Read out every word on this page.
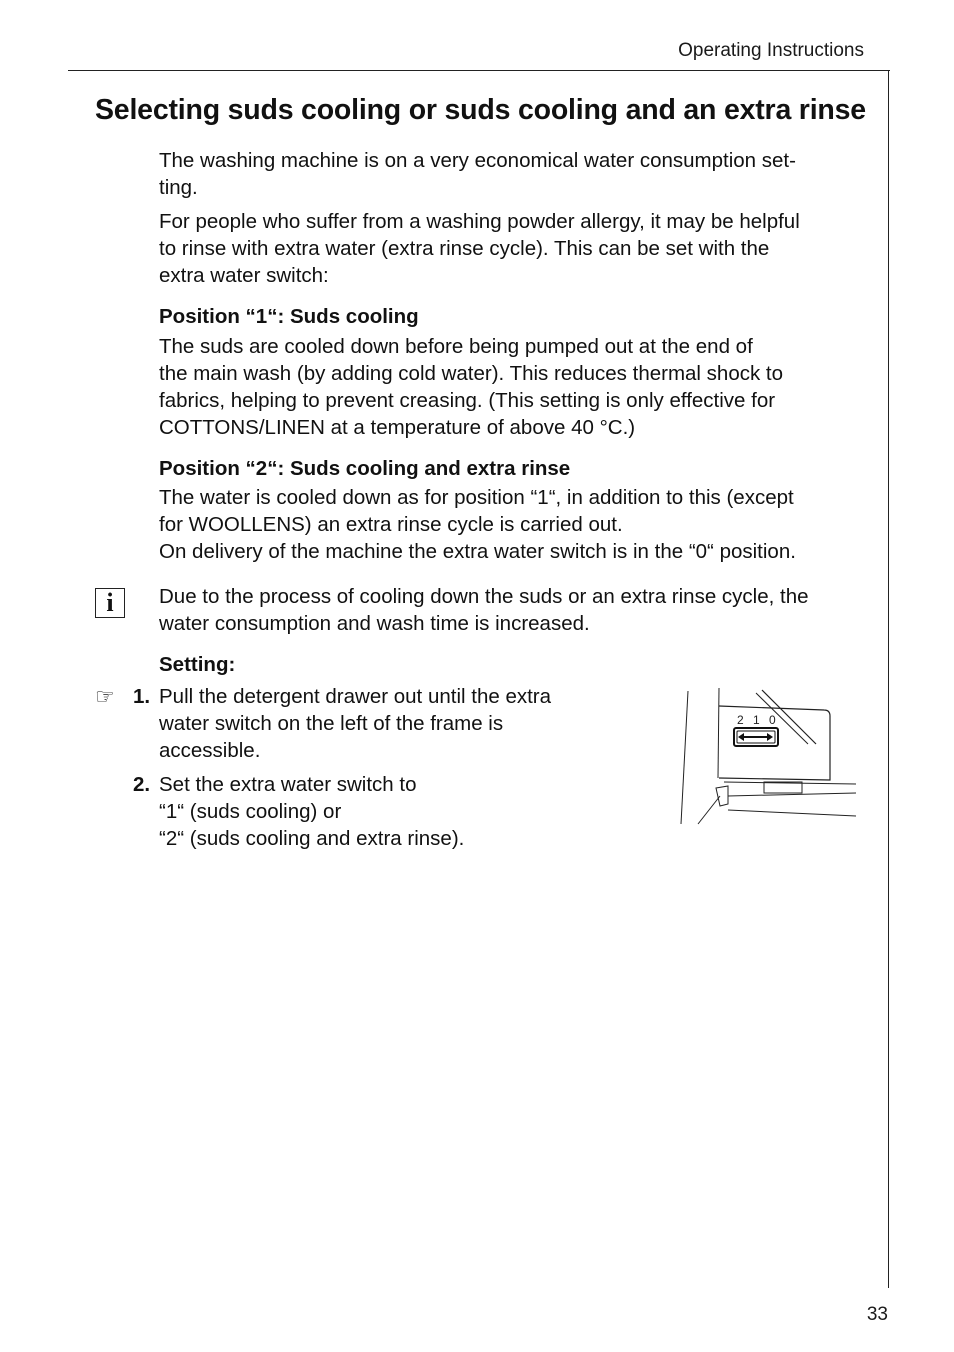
Operating Instructions
Selecting suds cooling or suds cooling and an extra rinse
The washing machine is on a very economical water consumption set-
ting.
For people who suffer from a washing powder allergy, it may be helpful
to rinse with extra water (extra rinse cycle). This can be set with the
extra water switch:
Position “1“: Suds cooling
The suds are cooled down before being pumped out at the end of
the main wash (by adding cold water). This reduces thermal shock to
fabrics, helping to prevent creasing. (This setting is only effective for
COTTONS/LINEN at a temperature of above 40 °C.)
Position “2“: Suds cooling and extra rinse
The water is cooled down as for position “1“, in addition to this (except
for WOOLLENS) an extra rinse cycle is carried out.
On delivery of the machine the extra water switch is in the “0“ position.
i	Due to the process of cooling down the suds or an extra rinse cycle, the
water consumption and wash time is increased.
Setting:
☞ 1. Pull the detergent drawer out until the extra
water switch on the left of the frame is
accessible.
2. Set the extra water switch to
“1“ (suds cooling) or
“2“ (suds cooling and extra rinse).
2 1 0
33
